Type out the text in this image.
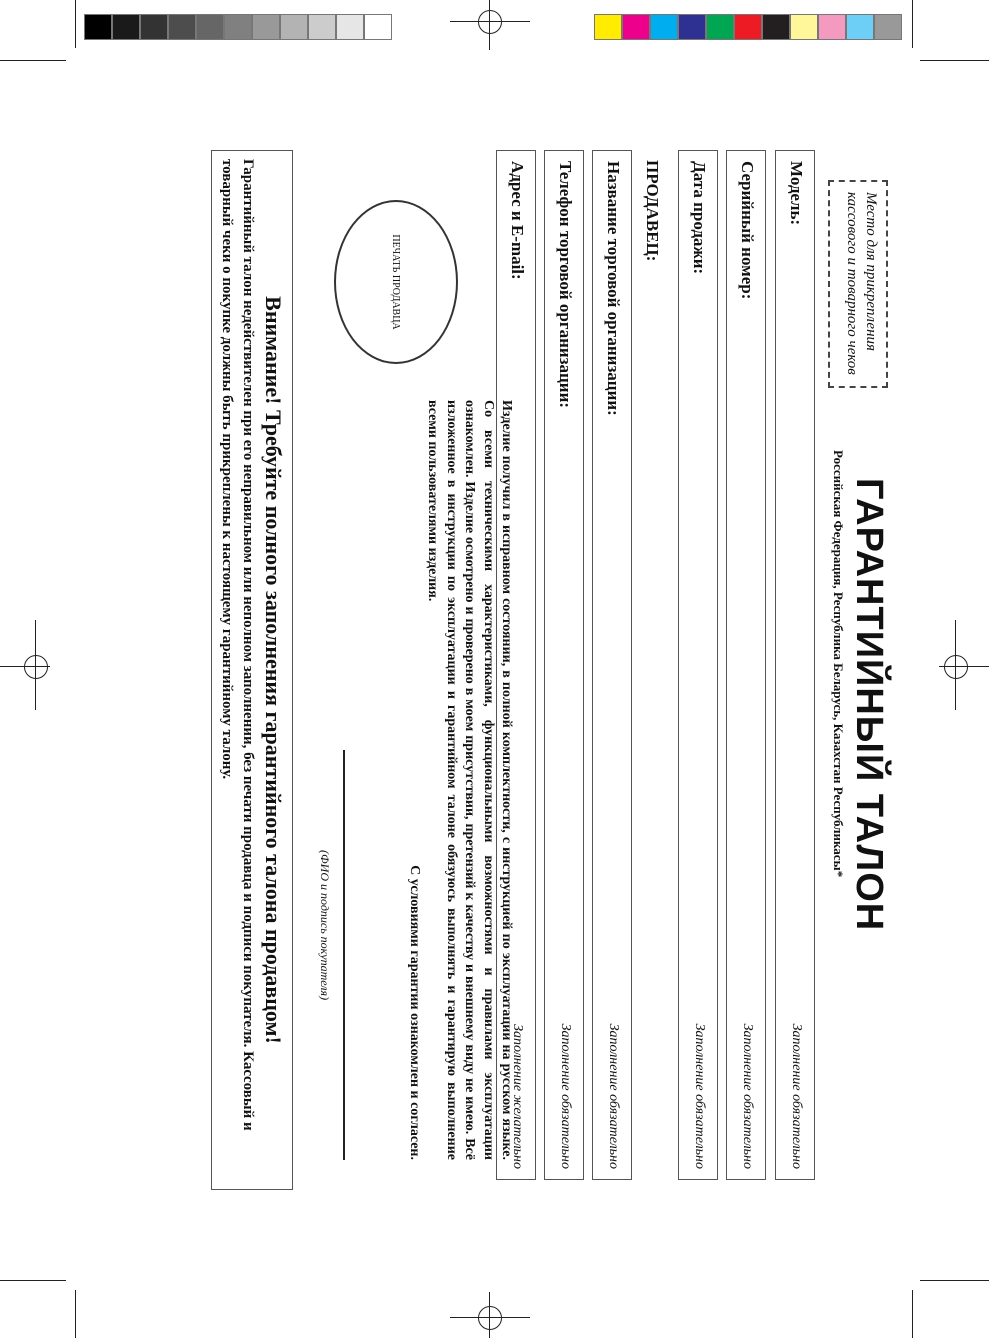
Место для прикрепления кассового и товарного чеков
ГАРАНТИЙНЫЙ ТАЛОН
Российская Федерация, Республика Беларусь, Казахстан Республикасы*
Модель:
Заполнение обязательно
Серийный номер:
Заполнение обязательно
Дата продажи:
Заполнение обязательно
ПРОДАВЕЦ:
Название торговой организации:
Заполнение обязательно
Телефон торговой организации:
Заполнение обязательно
Адрес и E-mail:
Заполнение желательно
ПЕЧАТЬ ПРОДАВЦА
Изделие получил в исправном состоянии, в полной комплектности, с инструкцией по эксплуатации на русском языке. Со всеми техническими характеристиками, функциональными возможностями и правилами эксплуатации ознакомлен. Изделие осмотрено и проверено в моем присутствии, претензий к качеству и внешнему виду не имею. Всё изложенное в инструкции по эксплуатации и гарантийном талоне обязуюсь выполнять и гарантирую выполнение всеми пользователями изделия.
С условиями гарантии ознакомлен и согласен.
(ФИО и подпись покупателя)
Внимание! Требуйте полного заполнения гарантийного талона продавцом!
Гарантийный талон недействителен при его неправильном или неполном заполнении, без печати продавца и подписи покупателя. Кассовый и товарный чеки о покупке должны быть прикреплены к настоящему гарантийному талону.
